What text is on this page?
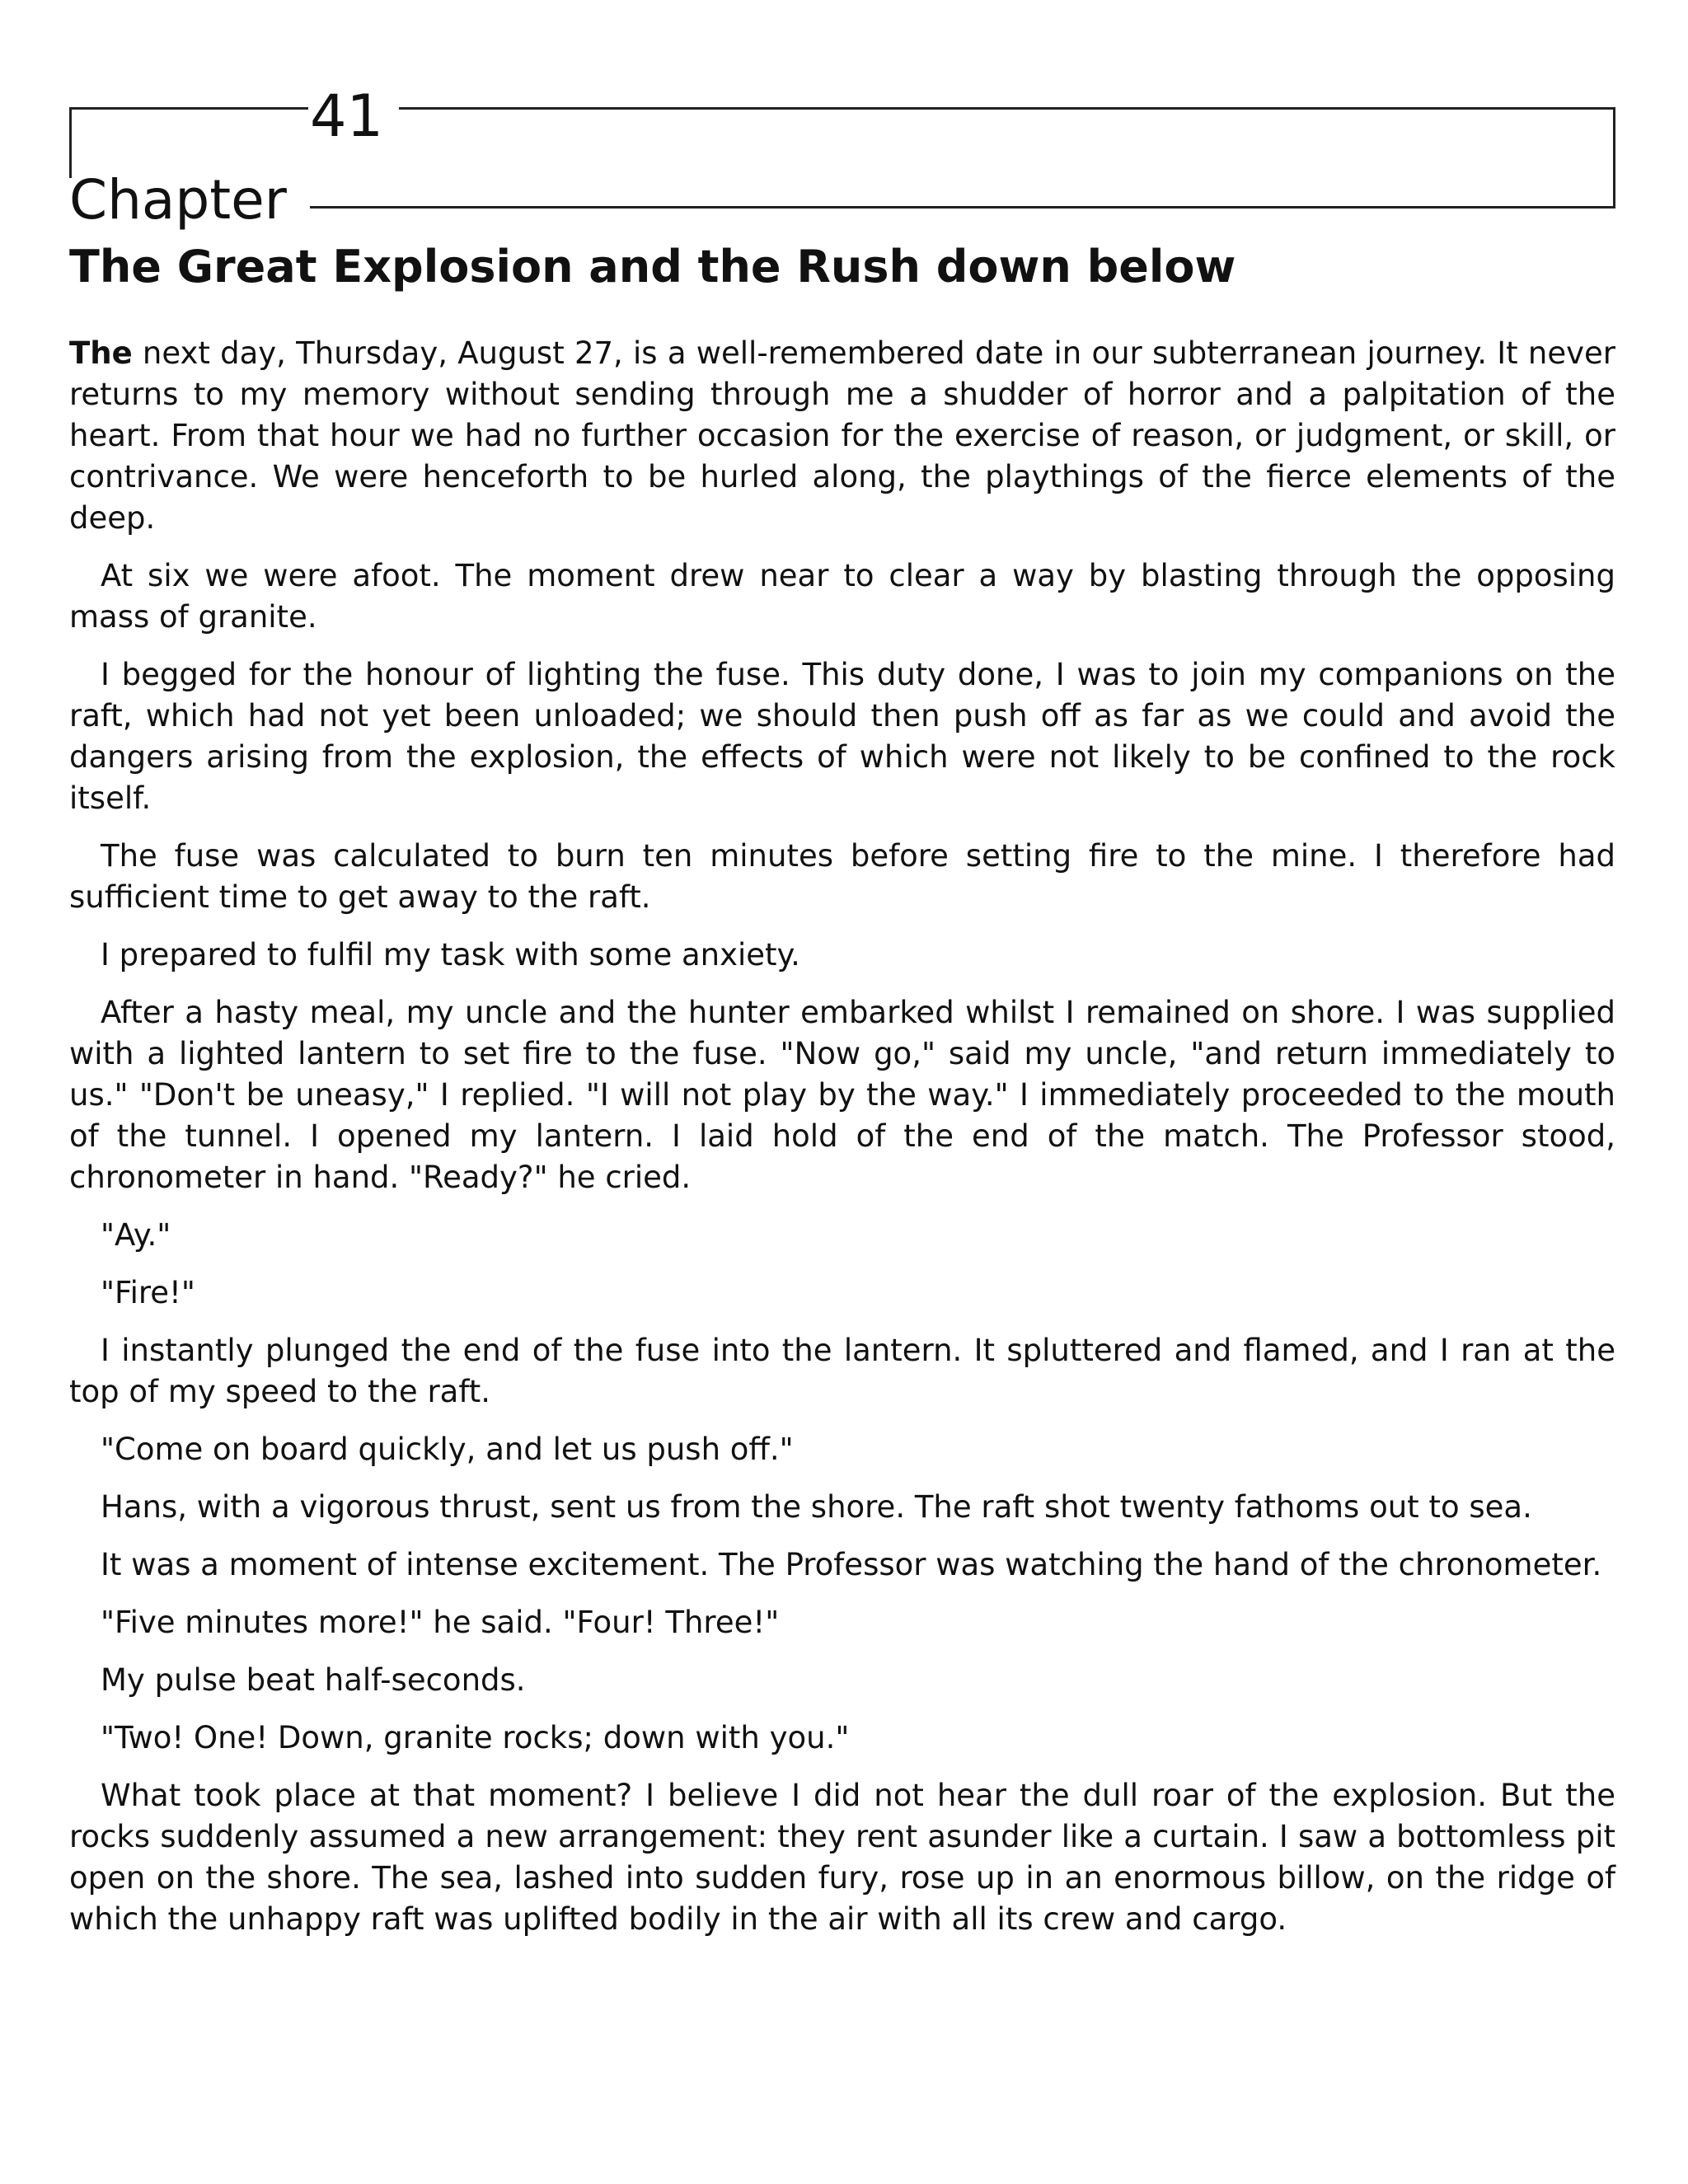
41
Chapter
The Great Explosion and the Rush down below

The next day, Thursday, August 27, is a well-remembered date in our subterranean journey. It never returns to my memory without sending through me a shudder of horror and a palpitation of the heart. From that hour we had no further occasion for the exercise of reason, or judgment, or skill, or contrivance. We were henceforth to be hurled along, the playthings of the fierce elements of the deep.

At six we were afoot. The moment drew near to clear a way by blasting through the opposing mass of granite.

I begged for the honour of lighting the fuse. This duty done, I was to join my companions on the raft, which had not yet been unloaded; we should then push off as far as we could and avoid the dangers arising from the explosion, the effects of which were not likely to be confined to the rock itself.

The fuse was calculated to burn ten minutes before setting fire to the mine. I therefore had sufficient time to get away to the raft.

I prepared to fulfil my task with some anxiety.

After a hasty meal, my uncle and the hunter embarked whilst I remained on shore. I was supplied with a lighted lantern to set fire to the fuse. "Now go," said my uncle, "and return immediately to us." "Don't be uneasy," I replied. "I will not play by the way." I immediately proceeded to the mouth of the tunnel. I opened my lantern. I laid hold of the end of the match. The Professor stood, chronometer in hand. "Ready?" he cried.

"Ay."

"Fire!"

I instantly plunged the end of the fuse into the lantern. It spluttered and flamed, and I ran at the top of my speed to the raft.

"Come on board quickly, and let us push off."

Hans, with a vigorous thrust, sent us from the shore. The raft shot twenty fathoms out to sea.

It was a moment of intense excitement. The Professor was watching the hand of the chronometer.

"Five minutes more!" he said. "Four! Three!"

My pulse beat half-seconds.

"Two! One! Down, granite rocks; down with you."

What took place at that moment? I believe I did not hear the dull roar of the explosion. But the rocks suddenly assumed a new arrangement: they rent asunder like a curtain. I saw a bottomless pit open on the shore. The sea, lashed into sudden fury, rose up in an enormous billow, on the ridge of which the unhappy raft was uplifted bodily in the air with all its crew and cargo.
